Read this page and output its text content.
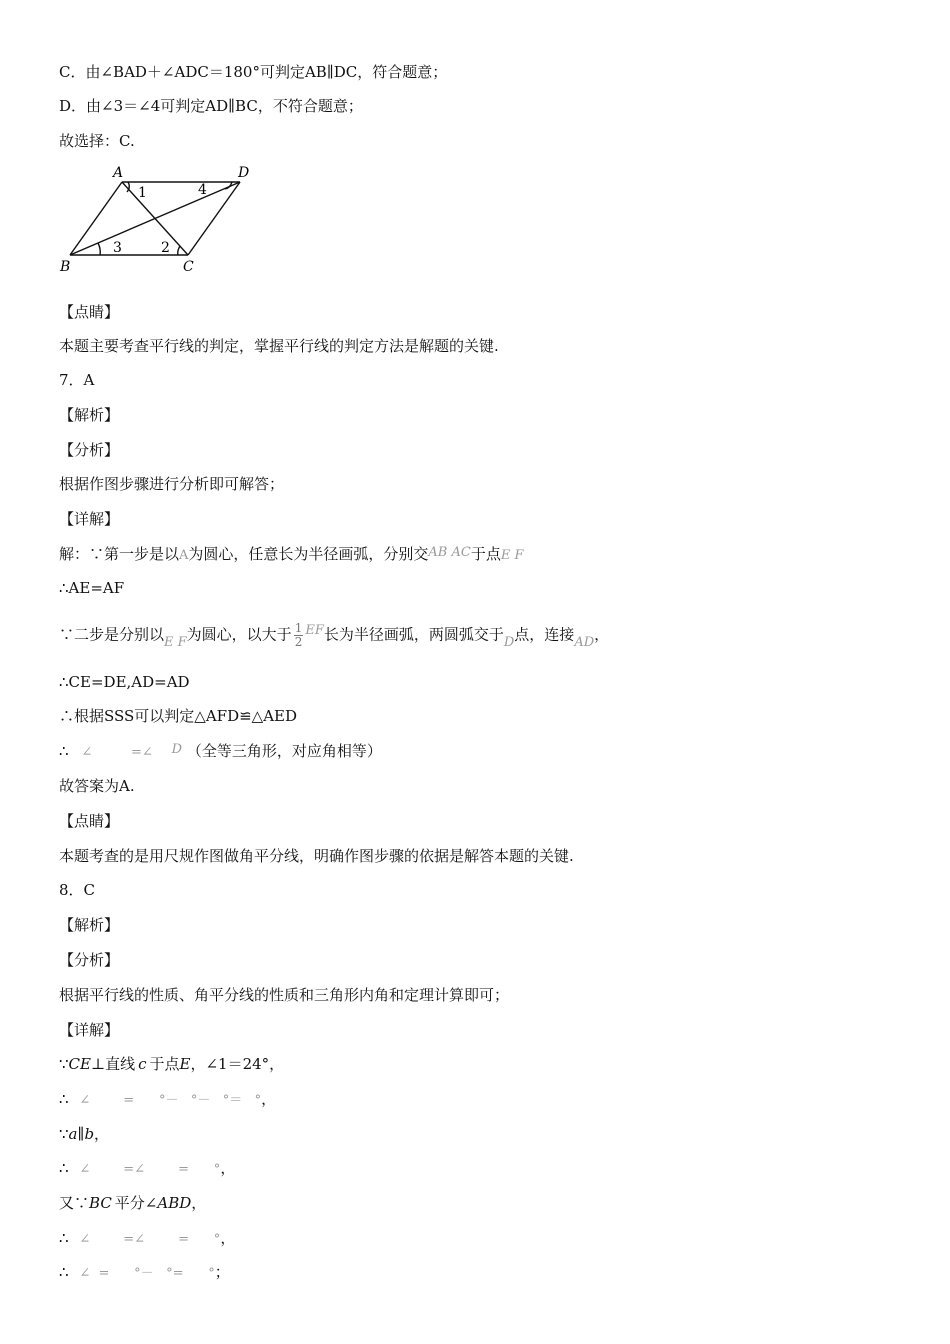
C．由∠BAD＋∠ADC＝180°可判定AB∥DC，符合题意；
D．由∠3＝∠4可判定AD∥BC，不符合题意；
故选择：C.
A	D
B	C
1	4
3	2
【点睛】
本题主要考查平行线的判定，掌握平行线的判定方法是解题的关键.
7．A
【解析】
【分析】
根据作图步骤进行分析即可解答；
【详解】
解：∵第一步是以A为圆心，任意长为半径画弧，分别交AB AC于点E F
∴AE=AF
∵二步是分别以E F为圆心，以大于 $\frac{1}{2}$ EF长为半径画弧，两圆弧交于D点，连接AD，
∴CE=DE,AD=AD
∴根据SSS可以判定△AFD≌△AED
∴ ∠	=∠ D （全等三角形，对应角相等）
故答案为A.
【点睛】
本题考查的是用尺规作图做角平分线，明确作图步骤的依据是解答本题的关键.
8．C
【解析】
【分析】
根据平行线的性质、角平分线的性质和三角形内角和定理计算即可；
【详解】
∵CE⊥直线 c 于点E，∠1＝24°，
∴ ∠        =      °－   °－   °＝   °，
∵a∥b，
∴ ∠        =∠        =      °，
又∵BC 平分∠ABD，
∴ ∠        =∠        =      °，
∴ ∠  =      °－   °=      °；
